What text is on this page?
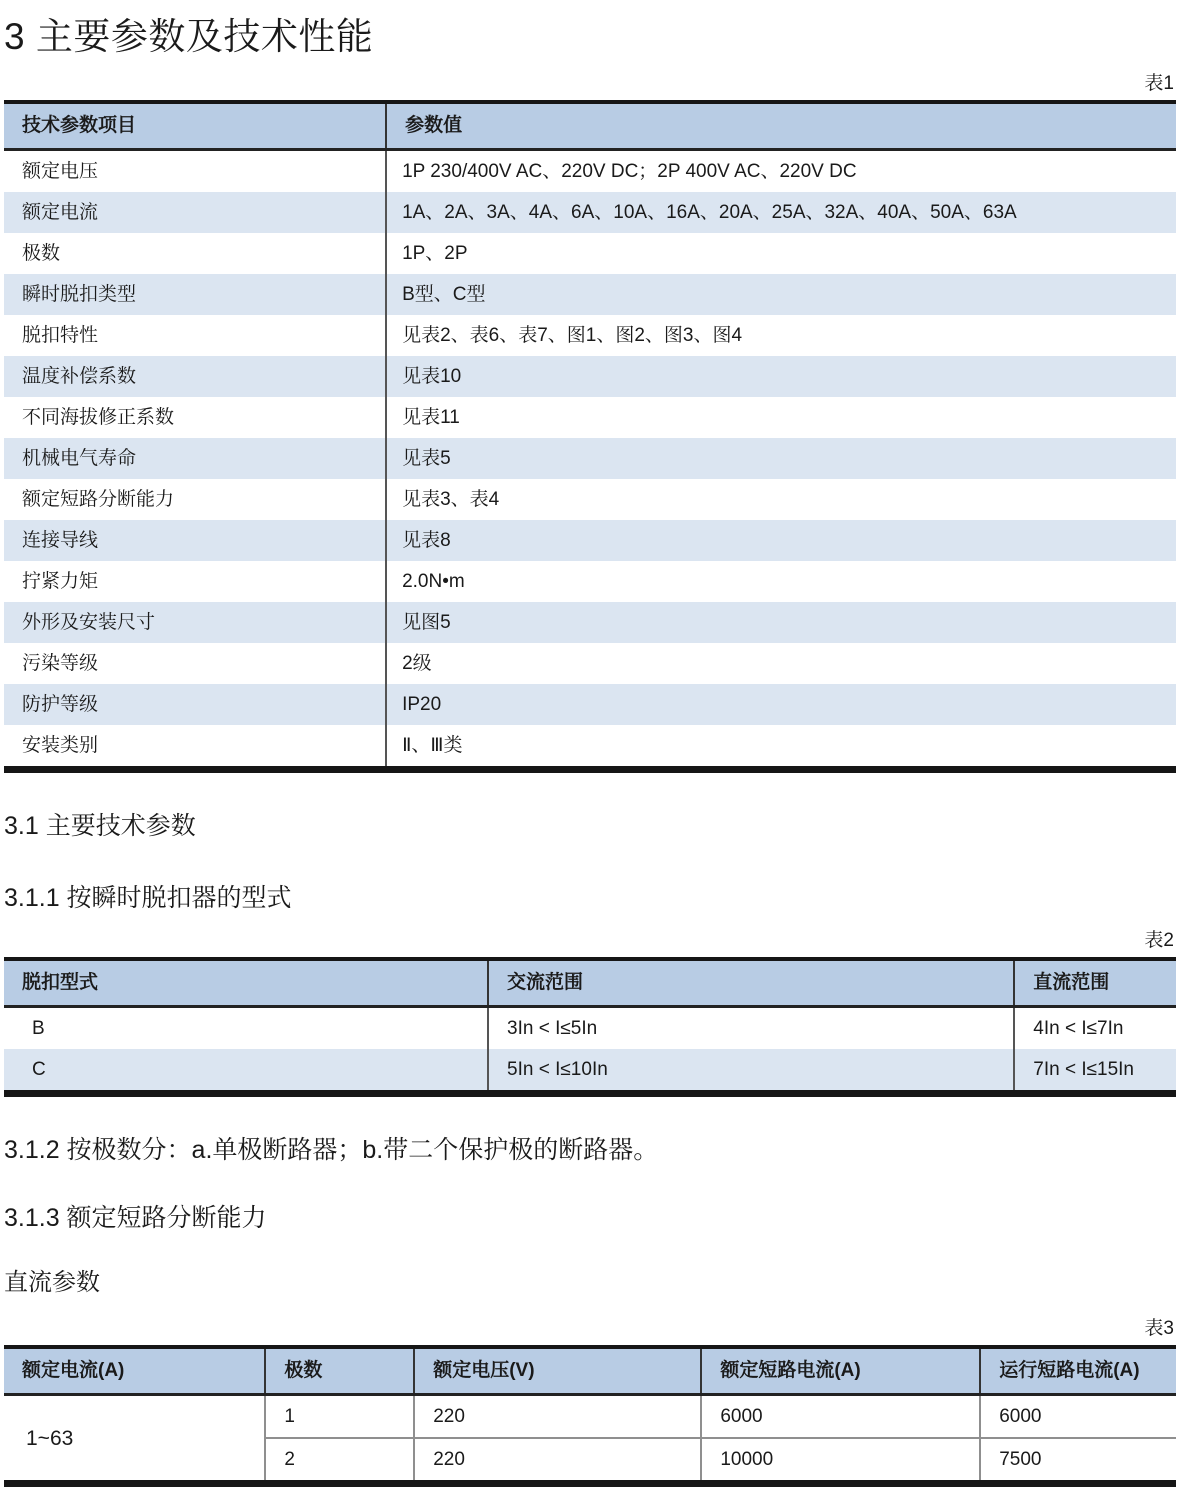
3 主要参数及技术性能
表1
技术参数项目	参数值
额定电压	1P 230/400V AC、220V DC；2P 400V AC、220V DC
额定电流	1A、2A、3A、4A、6A、10A、16A、20A、25A、32A、40A、50A、63A
极数	1P、2P
瞬时脱扣类型	B型、C型
脱扣特性	见表2、表6、表7、图1、图2、图3、图4
温度补偿系数	见表10
不同海拔修正系数	见表11
机械电气寿命	见表5
额定短路分断能力	见表3、表4
连接导线	见表8
拧紧力矩	2.0N•m
外形及安装尺寸	见图5
污染等级	2级
防护等级	IP20
安装类别	Ⅱ、Ⅲ类
3.1 主要技术参数
3.1.1 按瞬时脱扣器的型式
表2
脱扣型式	交流范围	直流范围
B	3In < I≤5In	4In < I≤7In
C	5In < I≤10In	7In < I≤15In
3.1.2 按极数分：a.单极断路器；b.带二个保护极的断路器。
3.1.3 额定短路分断能力
直流参数
表3
额定电流(A)	极数	额定电压(V)	额定短路电流(A)	运行短路电流(A)
1~63	1	220	6000	6000
	2	220	10000	7500
